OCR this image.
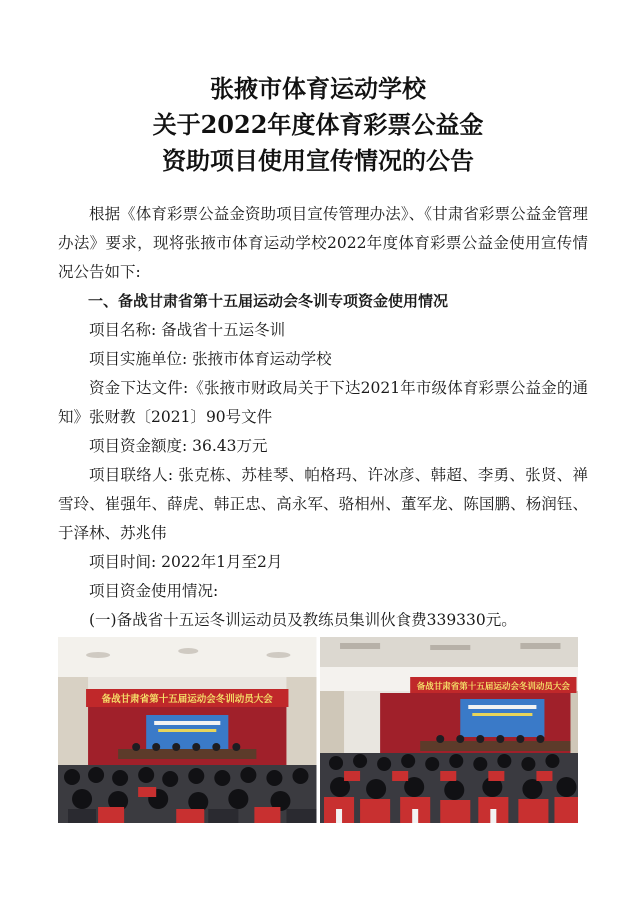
张掖市体育运动学校
关于2022年度体育彩票公益金
资助项目使用宣传情况的公告

根据《体育彩票公益金资助项目宣传管理办法》、《甘肃省彩票公益金管理办法》要求，现将张掖市体育运动学校2022年度体育彩票公益金使用宣传情况公告如下:

一、备战甘肃省第十五届运动会冬训专项资金使用情况

项目名称: 备战省十五运冬训

项目实施单位: 张掖市体育运动学校

资金下达文件:《张掖市财政局关于下达2021年市级体育彩票公益金的通知》张财教〔2021〕90号文件

项目资金额度: 36.43万元

项目联络人: 张克栋、苏桂琴、帕格玛、许冰彦、韩超、李勇、张贤、禅雪玲、崔强年、薛虎、韩正忠、高永军、骆相州、董军龙、陈国鹏、杨润钰、于泽林、苏兆伟

项目时间: 2022年1月至2月

项目资金使用情况:

(一)备战省十五运冬训运动员及教练员集训伙食费339330元。

备战甘肃省第十五届运动会冬训动员大会
备战甘肃省第十五届运动会冬训动员大会
